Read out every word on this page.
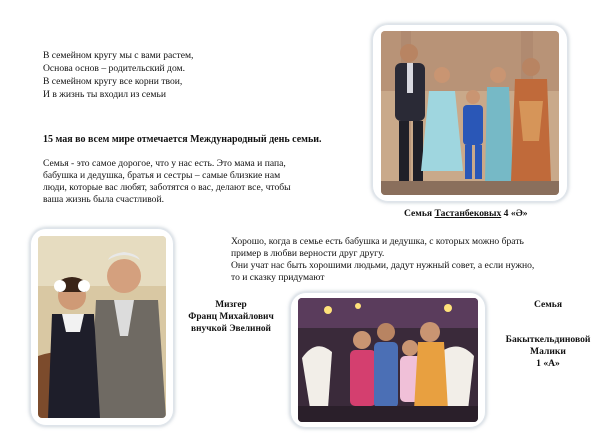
В семейном кругу мы с вами растем,
Основа основ – родительский дом.
В семейном кругу все корни твои,
И в жизнь ты входил из семьи
15 мая во всем мире отмечается Международный день семьи.
Семья - это самое дорогое, что у нас есть. Это мама и папа,
бабушка и дедушка, братья и сестры – самые близкие нам
люди, которые вас любят, заботятся о вас, делают все, чтобы
ваша жизнь была счастливой.
Семья Тастанбековых 4 «Ә»
Хорошо, когда в семье есть бабушка и дедушка, с которых можно брать
пример в любви верности друг другу.
Они учат нас быть хорошими людьми, дадут нужный совет, а если нужно,
то и сказку придумают
Мизгер
Франц Михайлович
внучкой Эвелиной
Семья
Бакыткельдиновой
Малики
1 «А»
